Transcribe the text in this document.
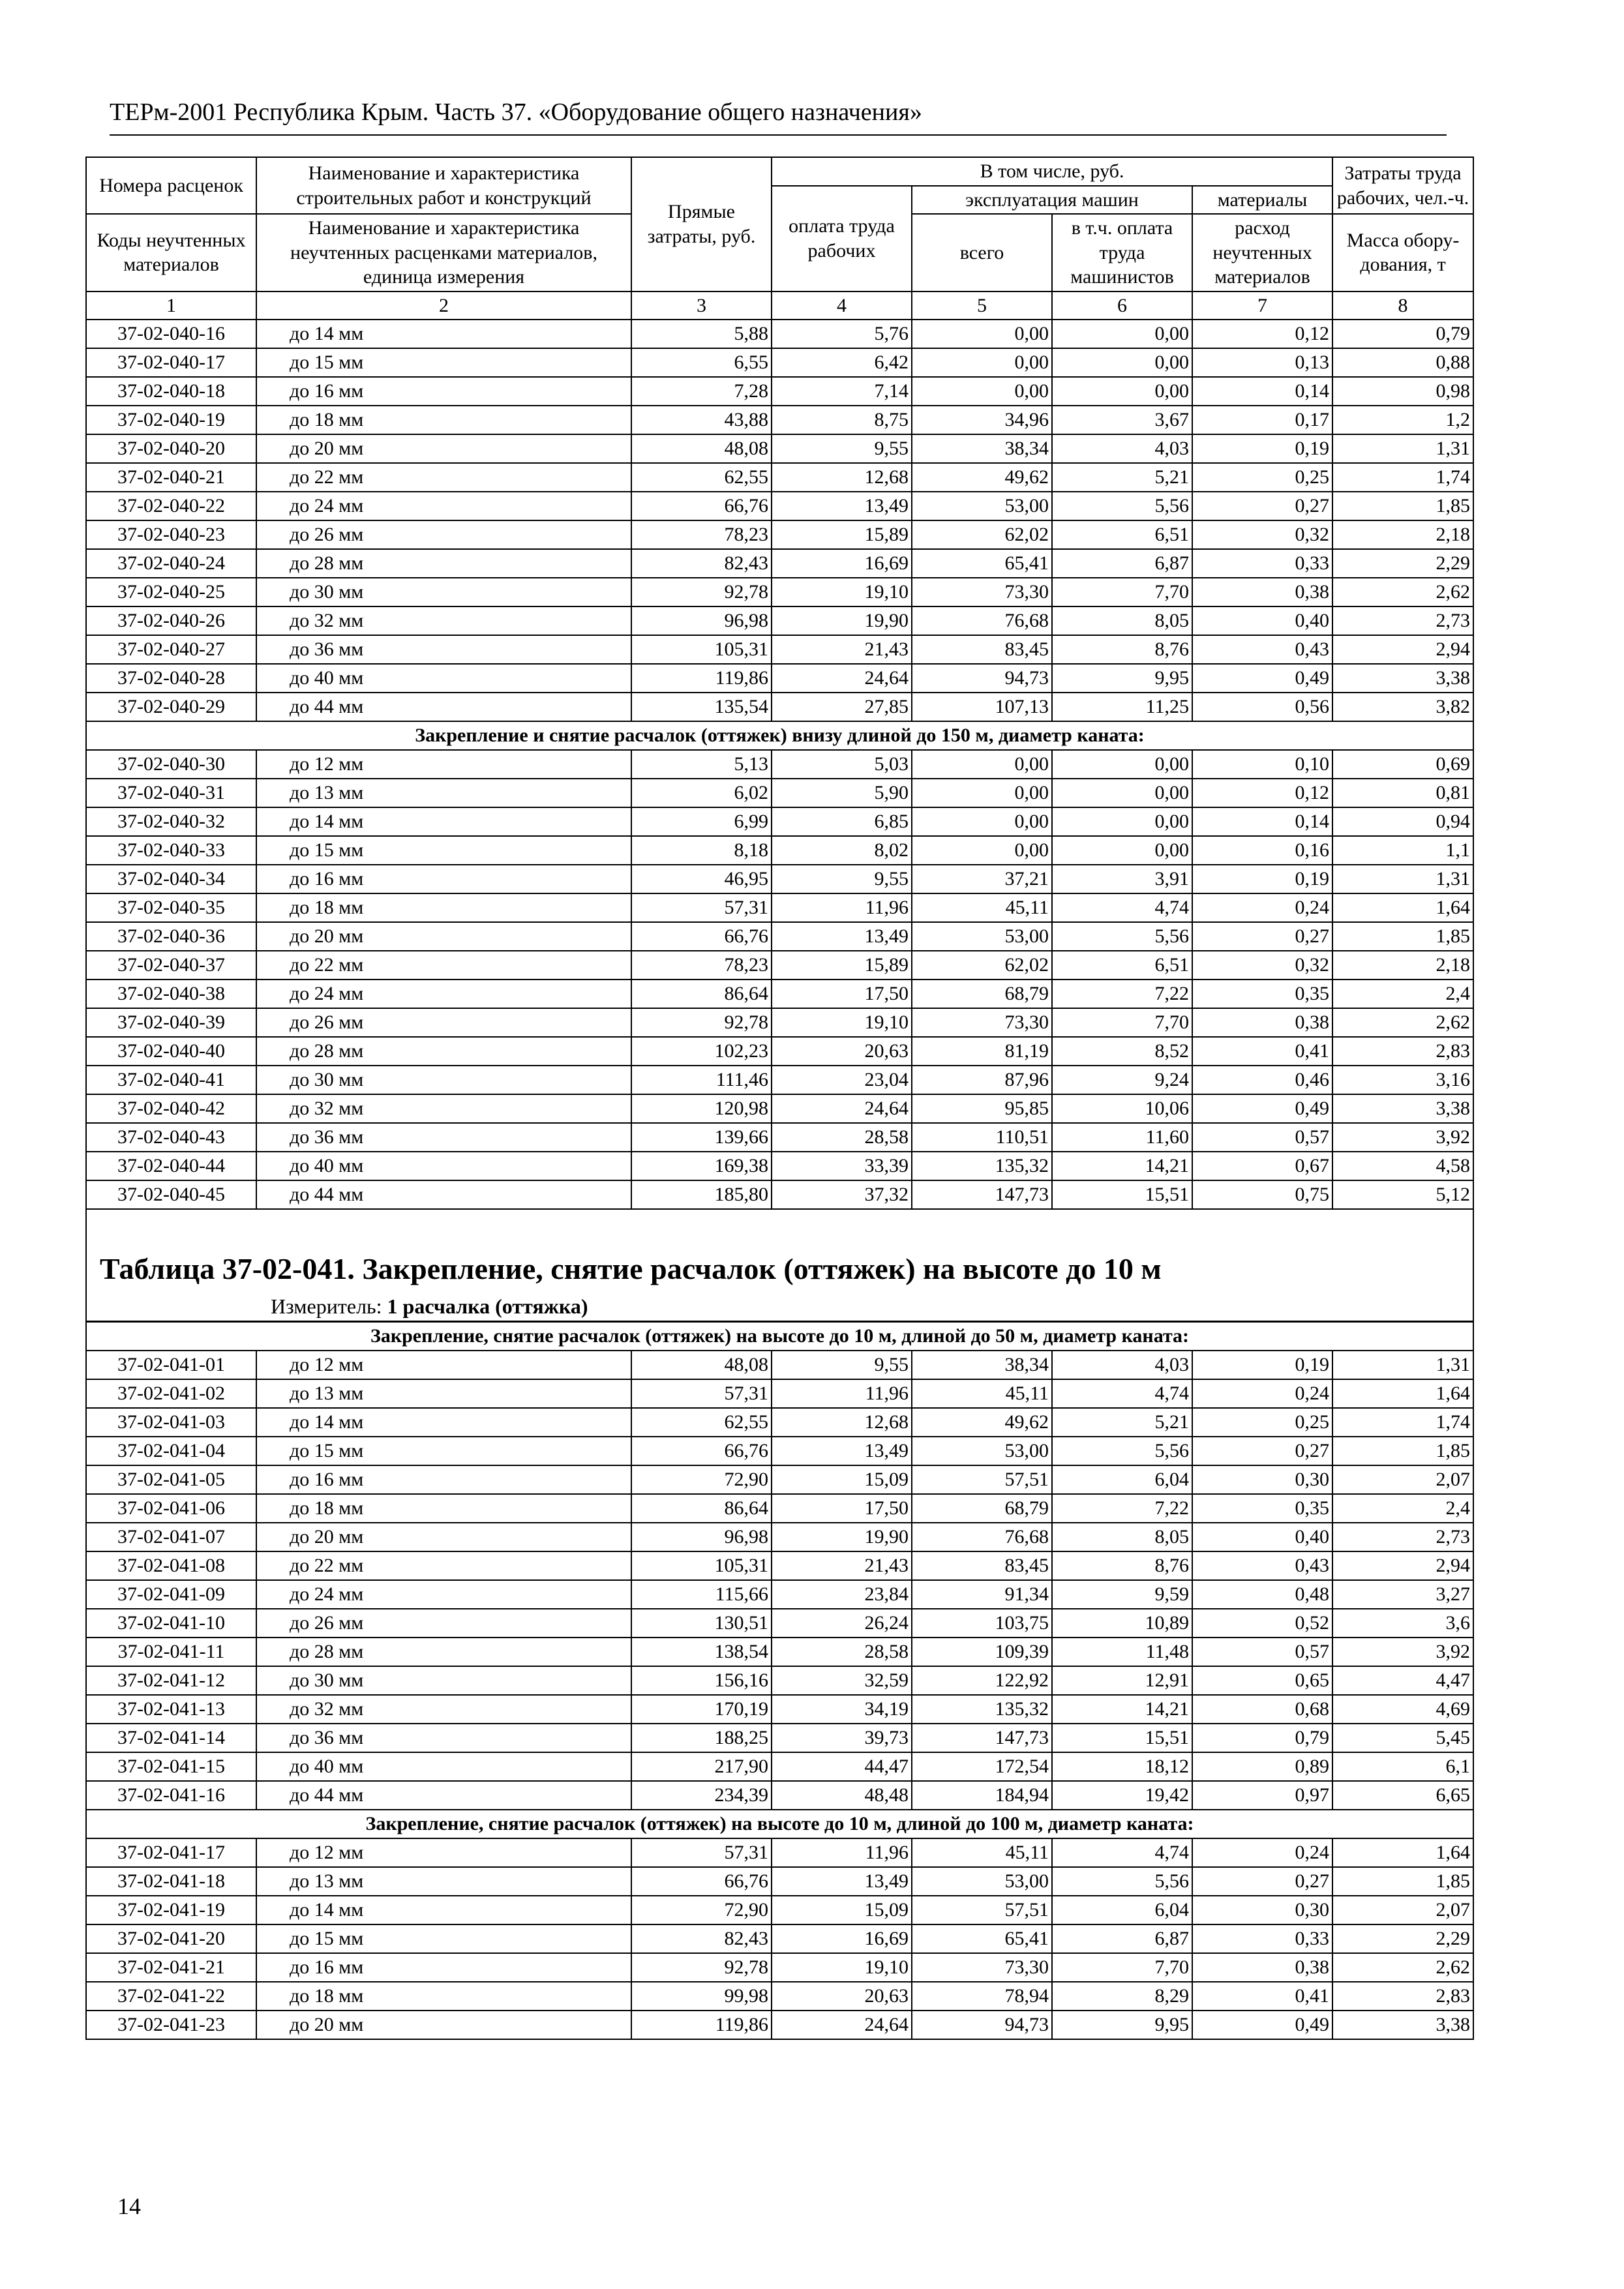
ТЕРм-2001 Республика Крым. Часть 37. «Оборудование общего назначения»
Номера расценок	Наименование и характеристика строительных работ и конструкций	Прямые затраты, руб.	В том числе, руб.				Затраты труда рабочих, чел.-ч.
			оплата труда рабочих	эксплуатация машин		материалы	
Коды неучтенных материалов	Наименование и характеристика неучтенных расценками материалов, единица измерения			всего	в т.ч. оплата труда машинистов	расход неучтенных материалов	
							Масса обору-дования, т
1	2	3	4	5	6	7	8
37-02-040-16	до 14 мм	5,88	5,76	0,00	0,00	0,12	0,79
37-02-040-17	до 15 мм	6,55	6,42	0,00	0,00	0,13	0,88
37-02-040-18	до 16 мм	7,28	7,14	0,00	0,00	0,14	0,98
37-02-040-19	до 18 мм	43,88	8,75	34,96	3,67	0,17	1,2
37-02-040-20	до 20 мм	48,08	9,55	38,34	4,03	0,19	1,31
37-02-040-21	до 22 мм	62,55	12,68	49,62	5,21	0,25	1,74
37-02-040-22	до 24 мм	66,76	13,49	53,00	5,56	0,27	1,85
37-02-040-23	до 26 мм	78,23	15,89	62,02	6,51	0,32	2,18
37-02-040-24	до 28 мм	82,43	16,69	65,41	6,87	0,33	2,29
37-02-040-25	до 30 мм	92,78	19,10	73,30	7,70	0,38	2,62
37-02-040-26	до 32 мм	96,98	19,90	76,68	8,05	0,40	2,73
37-02-040-27	до 36 мм	105,31	21,43	83,45	8,76	0,43	2,94
37-02-040-28	до 40 мм	119,86	24,64	94,73	9,95	0,49	3,38
37-02-040-29	до 44 мм	135,54	27,85	107,13	11,25	0,56	3,82
Закрепление и снятие расчалок (оттяжек) внизу длиной до 150 м, диаметр каната:							
37-02-040-30	до 12 мм	5,13	5,03	0,00	0,00	0,10	0,69
37-02-040-31	до 13 мм	6,02	5,90	0,00	0,00	0,12	0,81
37-02-040-32	до 14 мм	6,99	6,85	0,00	0,00	0,14	0,94
37-02-040-33	до 15 мм	8,18	8,02	0,00	0,00	0,16	1,1
37-02-040-34	до 16 мм	46,95	9,55	37,21	3,91	0,19	1,31
37-02-040-35	до 18 мм	57,31	11,96	45,11	4,74	0,24	1,64
37-02-040-36	до 20 мм	66,76	13,49	53,00	5,56	0,27	1,85
37-02-040-37	до 22 мм	78,23	15,89	62,02	6,51	0,32	2,18
37-02-040-38	до 24 мм	86,64	17,50	68,79	7,22	0,35	2,4
37-02-040-39	до 26 мм	92,78	19,10	73,30	7,70	0,38	2,62
37-02-040-40	до 28 мм	102,23	20,63	81,19	8,52	0,41	2,83
37-02-040-41	до 30 мм	111,46	23,04	87,96	9,24	0,46	3,16
37-02-040-42	до 32 мм	120,98	24,64	95,85	10,06	0,49	3,38
37-02-040-43	до 36 мм	139,66	28,58	110,51	11,60	0,57	3,92
37-02-040-44	до 40 мм	169,38	33,39	135,32	14,21	0,67	4,58
37-02-040-45	до 44 мм	185,80	37,32	147,73	15,51	0,75	5,12

Таблица 37-02-041. Закрепление, снятие расчалок (оттяжек) на высоте до 10 м
Измеритель: 1 расчалка (оттяжка)							

Закрепление, снятие расчалок (оттяжек) на высоте до 10 м, длиной до 50 м, диаметр каната:							
37-02-041-01	до 12 мм	48,08	9,55	38,34	4,03	0,19	1,31
37-02-041-02	до 13 мм	57,31	11,96	45,11	4,74	0,24	1,64
37-02-041-03	до 14 мм	62,55	12,68	49,62	5,21	0,25	1,74
37-02-041-04	до 15 мм	66,76	13,49	53,00	5,56	0,27	1,85
37-02-041-05	до 16 мм	72,90	15,09	57,51	6,04	0,30	2,07
37-02-041-06	до 18 мм	86,64	17,50	68,79	7,22	0,35	2,4
37-02-041-07	до 20 мм	96,98	19,90	76,68	8,05	0,40	2,73
37-02-041-08	до 22 мм	105,31	21,43	83,45	8,76	0,43	2,94
37-02-041-09	до 24 мм	115,66	23,84	91,34	9,59	0,48	3,27
37-02-041-10	до 26 мм	130,51	26,24	103,75	10,89	0,52	3,6
37-02-041-11	до 28 мм	138,54	28,58	109,39	11,48	0,57	3,92
37-02-041-12	до 30 мм	156,16	32,59	122,92	12,91	0,65	4,47
37-02-041-13	до 32 мм	170,19	34,19	135,32	14,21	0,68	4,69
37-02-041-14	до 36 мм	188,25	39,73	147,73	15,51	0,79	5,45
37-02-041-15	до 40 мм	217,90	44,47	172,54	18,12	0,89	6,1
37-02-041-16	до 44 мм	234,39	48,48	184,94	19,42	0,97	6,65
Закрепление, снятие расчалок (оттяжек) на высоте до 10 м, длиной до 100 м, диаметр каната:							
37-02-041-17	до 12 мм	57,31	11,96	45,11	4,74	0,24	1,64
37-02-041-18	до 13 мм	66,76	13,49	53,00	5,56	0,27	1,85
37-02-041-19	до 14 мм	72,90	15,09	57,51	6,04	0,30	2,07
37-02-041-20	до 15 мм	82,43	16,69	65,41	6,87	0,33	2,29
37-02-041-21	до 16 мм	92,78	19,10	73,30	7,70	0,38	2,62
37-02-041-22	до 18 мм	99,98	20,63	78,94	8,29	0,41	2,83
37-02-041-23	до 20 мм	119,86	24,64	94,73	9,95	0,49	3,38
14
